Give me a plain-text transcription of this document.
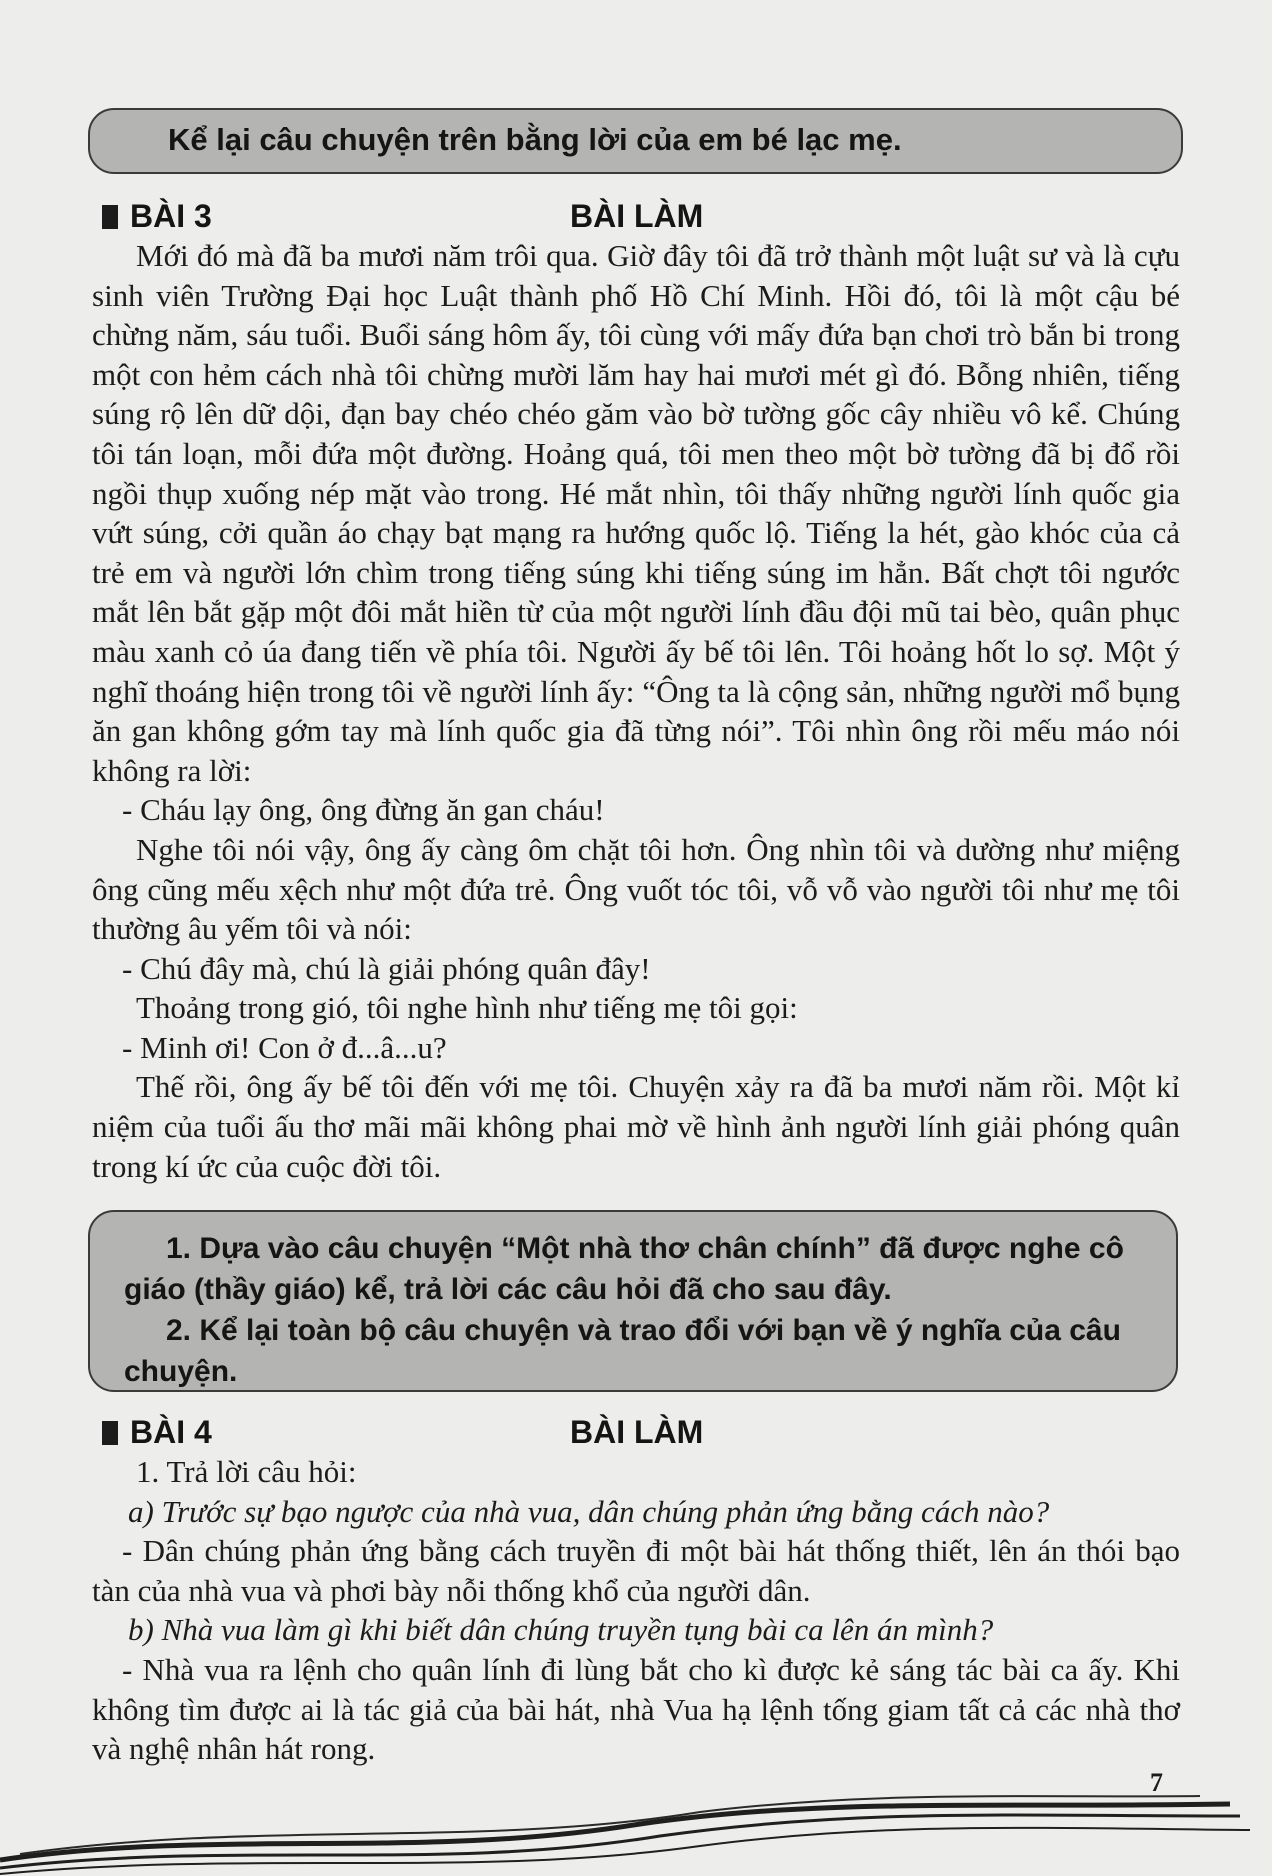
Kể lại câu chuyện trên bằng lời của em bé lạc mẹ.

BÀI 3	BÀI LÀM

Mới đó mà đã ba mươi năm trôi qua. Giờ đây tôi đã trở thành một luật sư và là cựu sinh viên Trường Đại học Luật thành phố Hồ Chí Minh. Hồi đó, tôi là một cậu bé chừng năm, sáu tuổi. Buổi sáng hôm ấy, tôi cùng với mấy đứa bạn chơi trò bắn bi trong một con hẻm cách nhà tôi chừng mười lăm hay hai mươi mét gì đó. Bỗng nhiên, tiếng súng rộ lên dữ dội, đạn bay chéo chéo găm vào bờ tường gốc cây nhiều vô kể. Chúng tôi tán loạn, mỗi đứa một đường. Hoảng quá, tôi men theo một bờ tường đã bị đổ rồi ngồi thụp xuống nép mặt vào trong. Hé mắt nhìn, tôi thấy những người lính quốc gia vứt súng, cởi quần áo chạy bạt mạng ra hướng quốc lộ. Tiếng la hét, gào khóc của cả trẻ em và người lớn chìm trong tiếng súng khi tiếng súng im hẳn. Bất chợt tôi ngước mắt lên bắt gặp một đôi mắt hiền từ của một người lính đầu đội mũ tai bèo, quân phục màu xanh cỏ úa đang tiến về phía tôi. Người ấy bế tôi lên. Tôi hoảng hốt lo sợ. Một ý nghĩ thoáng hiện trong tôi về người lính ấy: “Ông ta là cộng sản, những người mổ bụng ăn gan không gớm tay mà lính quốc gia đã từng nói”. Tôi nhìn ông rồi mếu máo nói không ra lời:

- Cháu lạy ông, ông đừng ăn gan cháu!

Nghe tôi nói vậy, ông ấy càng ôm chặt tôi hơn. Ông nhìn tôi và dường như miệng ông cũng mếu xệch như một đứa trẻ. Ông vuốt tóc tôi, vỗ vỗ vào người tôi như mẹ tôi thường âu yếm tôi và nói:

- Chú đây mà, chú là giải phóng quân đây!

Thoảng trong gió, tôi nghe hình như tiếng mẹ tôi gọi:

- Minh ơi! Con ở đ...â...u?

Thế rồi, ông ấy bế tôi đến với mẹ tôi. Chuyện xảy ra đã ba mươi năm rồi. Một kỉ niệm của tuổi ấu thơ mãi mãi không phai mờ về hình ảnh người lính giải phóng quân trong kí ức của cuộc đời tôi.

1. Dựa vào câu chuyện “Một nhà thơ chân chính” đã được nghe cô giáo (thầy giáo) kể, trả lời các câu hỏi đã cho sau đây.

2. Kể lại toàn bộ câu chuyện và trao đổi với bạn về ý nghĩa của câu chuyện.

BÀI 4	BÀI LÀM

1. Trả lời câu hỏi:

a) Trước sự bạo ngược của nhà vua, dân chúng phản ứng bằng cách nào?

- Dân chúng phản ứng bằng cách truyền đi một bài hát thống thiết, lên án thói bạo tàn của nhà vua và phơi bày nỗi thống khổ của người dân.

b) Nhà vua làm gì khi biết dân chúng truyền tụng bài ca lên án mình?

- Nhà vua ra lệnh cho quân lính đi lùng bắt cho kì được kẻ sáng tác bài ca ấy. Khi không tìm được ai là tác giả của bài hát, nhà Vua hạ lệnh tống giam tất cả các nhà thơ và nghệ nhân hát rong.

7
